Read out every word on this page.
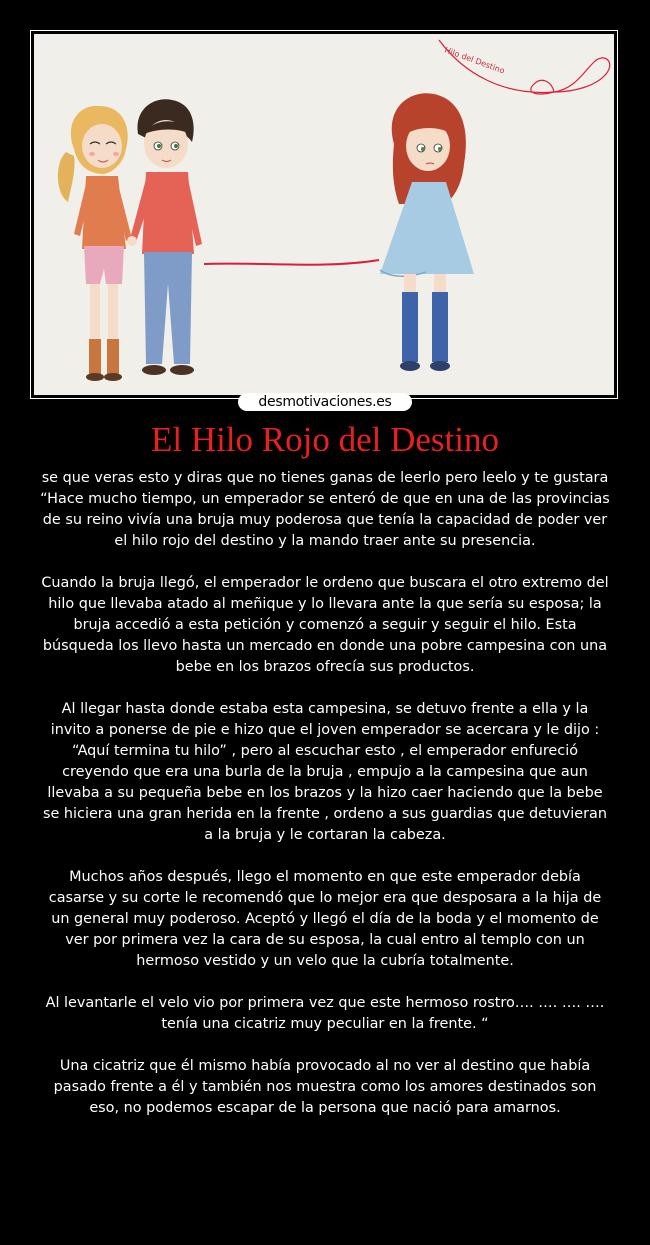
Hilo del Destino
desmotivaciones.es
El Hilo Rojo del Destino

se que veras esto y diras que no tienes ganas de leerlo pero leelo y te gustara “Hace mucho tiempo, un emperador se enteró de que en una de las provincias de su reino vivía una bruja muy poderosa que tenía la capacidad de poder ver el hilo rojo del destino y la mando traer ante su presencia.

Cuando la bruja llegó, el emperador le ordeno que buscara el otro extremo del hilo que llevaba atado al meñique y lo llevara ante la que sería su esposa; la bruja accedió a esta petición y comenzó a seguir y seguir el hilo. Esta búsqueda los llevo hasta un mercado en donde una pobre campesina con una bebe en los brazos ofrecía sus productos.

Al llegar hasta donde estaba esta campesina, se detuvo frente a ella y la invito a ponerse de pie e hizo que el joven emperador se acercara y le dijo : “Aquí termina tu hilo” , pero al escuchar esto , el emperador enfureció creyendo que era una burla de la bruja , empujo a la campesina que aun llevaba a su pequeña bebe en los brazos y la hizo caer haciendo que la bebe se hiciera una gran herida en la frente , ordeno a sus guardias que detuvieran a la bruja y le cortaran la cabeza.

Muchos años después, llego el momento en que este emperador debía casarse y su corte le recomendó que lo mejor era que desposara a la hija de un general muy poderoso. Aceptó y llegó el día de la boda y el momento de ver por primera vez la cara de su esposa, la cual entro al templo con un hermoso vestido y un velo que la cubría totalmente.

Al levantarle el velo vio por primera vez que este hermoso rostro…. …. …. …. tenía una cicatriz muy peculiar en la frente. “

Una cicatriz que él mismo había provocado al no ver al destino que había pasado frente a él y también nos muestra como los amores destinados son eso, no podemos escapar de la persona que nació para amarnos.
